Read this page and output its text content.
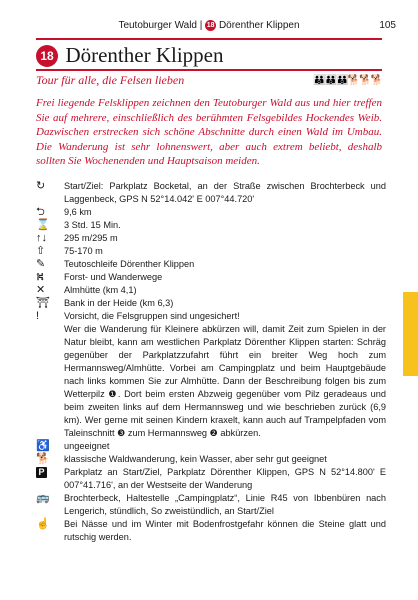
Teutoburger Wald | 18 Dörenther Klippen	105
18 Dörenther Klippen
Tour für alle, die Felsen lieben	👪👪👪🐕🐕🐕
Frei liegende Felsklippen zeichnen den Teutoburger Wald aus und hier treffen Sie auf mehrere, einschließlich des berühmten Felsgebildes Hockendes Weib. Dazwischen erstrecken sich schöne Abschnitte durch einen Wald im Umbau. Die Wanderung ist sehr lohnenswert, aber auch extrem beliebt, deshalb sollten Sie Wochenenden und Hauptsaison meiden.
↻	Start/Ziel: Parkplatz Bocketal, an der Straße zwischen Brochterbeck und Laggenbeck, GPS N 52°14.042' E 007°44.720'
⮌	9,6 km
⌛	3 Std. 15 Min.
↑↓	295 m/295 m
⇧	75-170 m
✎	Teutoschleife Dörenther Klippen
⛕	Forst- und Wanderwege
✕	Almhütte (km 4,1)
⛩	Bank in der Heide (km 6,3)
!	Vorsicht, die Felsgruppen sind ungesichert!
Wer die Wanderung für Kleinere abkürzen will, damit Zeit zum Spielen in der Natur bleibt, kann am westlichen Parkplatz Dörenther Klippen starten: Schräg gegenüber der Parkplatzzufahrt führt ein breiter Weg hoch zum Hermannsweg/Almhütte. Vorbei am Campingplatz und beim Hauptgebäude nach links kommen Sie zur Almhütte. Dann der Beschreibung folgen bis zum Wetterpilz ❶. Dort beim ersten Abzweig gegenüber vom Pilz geradeaus und beim zweiten links auf dem Hermannsweg und wie beschrieben zurück (6,9 km). Wer gerne mit seinen Kindern kraxelt, kann auch auf Trampelpfaden vom Taleinschnitt ❸ zum Hermannsweg ❷ abkürzen.
♿	ungeeignet
🐕	klassische Waldwanderung, kein Wasser, aber sehr gut geeignet
P	Parkplatz an Start/Ziel, Parkplatz Dörenther Klippen, GPS N 52°14.800' E 007°41.716', an der Westseite der Wanderung
🚌	Brochterbeck, Haltestelle „Campingplatz“, Linie R45 von Ibbenbüren nach Lengerich, stündlich, So zweistündlich, an Start/Ziel
☝	Bei Nässe und im Winter mit Bodenfrostgefahr können die Steine glatt und rutschig werden.
